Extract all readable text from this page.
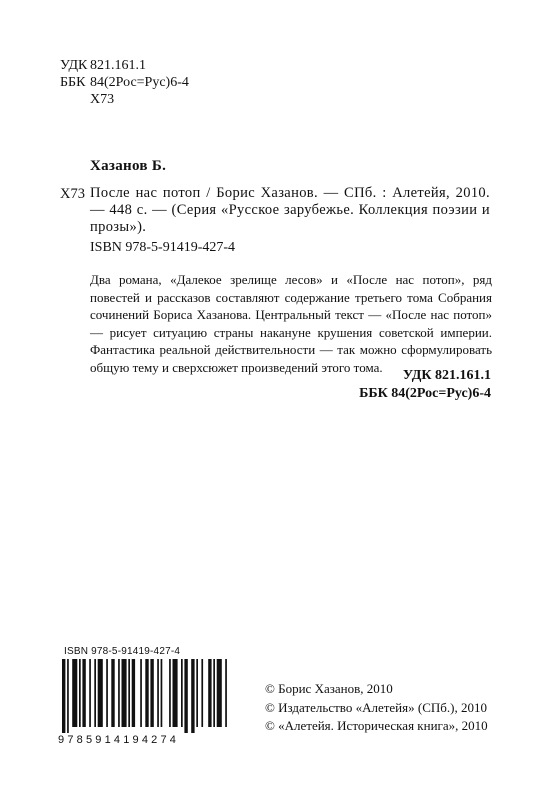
УДК 821.161.1
ББК 84(2Рос=Рус)6-4
Х73
Хазанов Б.
Х73 После нас потоп / Борис Хазанов. — СПб. : Алетейя, 2010. — 448 с. — (Серия «Русское зарубежье. Коллекция поэзии и прозы»).
ISBN 978-5-91419-427-4
Два романа, «Далекое зрелище лесов» и «После нас потоп», ряд повестей и рассказов составляют содержание третьего тома Собрания сочинений Бориса Хазанова. Центральный текст — «После нас потоп» — рисует ситуацию страны накануне крушения советской империи. Фантастика реальной действительности — так можно сформулировать общую тему и сверхсюжет произведений этого тома.
УДК 821.161.1
ББК 84(2Рос=Рус)6-4
ISBN 978-5-91419-427-4
9785914194274
© Борис Хазанов, 2010
© Издательство «Алетейя» (СПб.), 2010
© «Алетейя. Историческая книга», 2010
